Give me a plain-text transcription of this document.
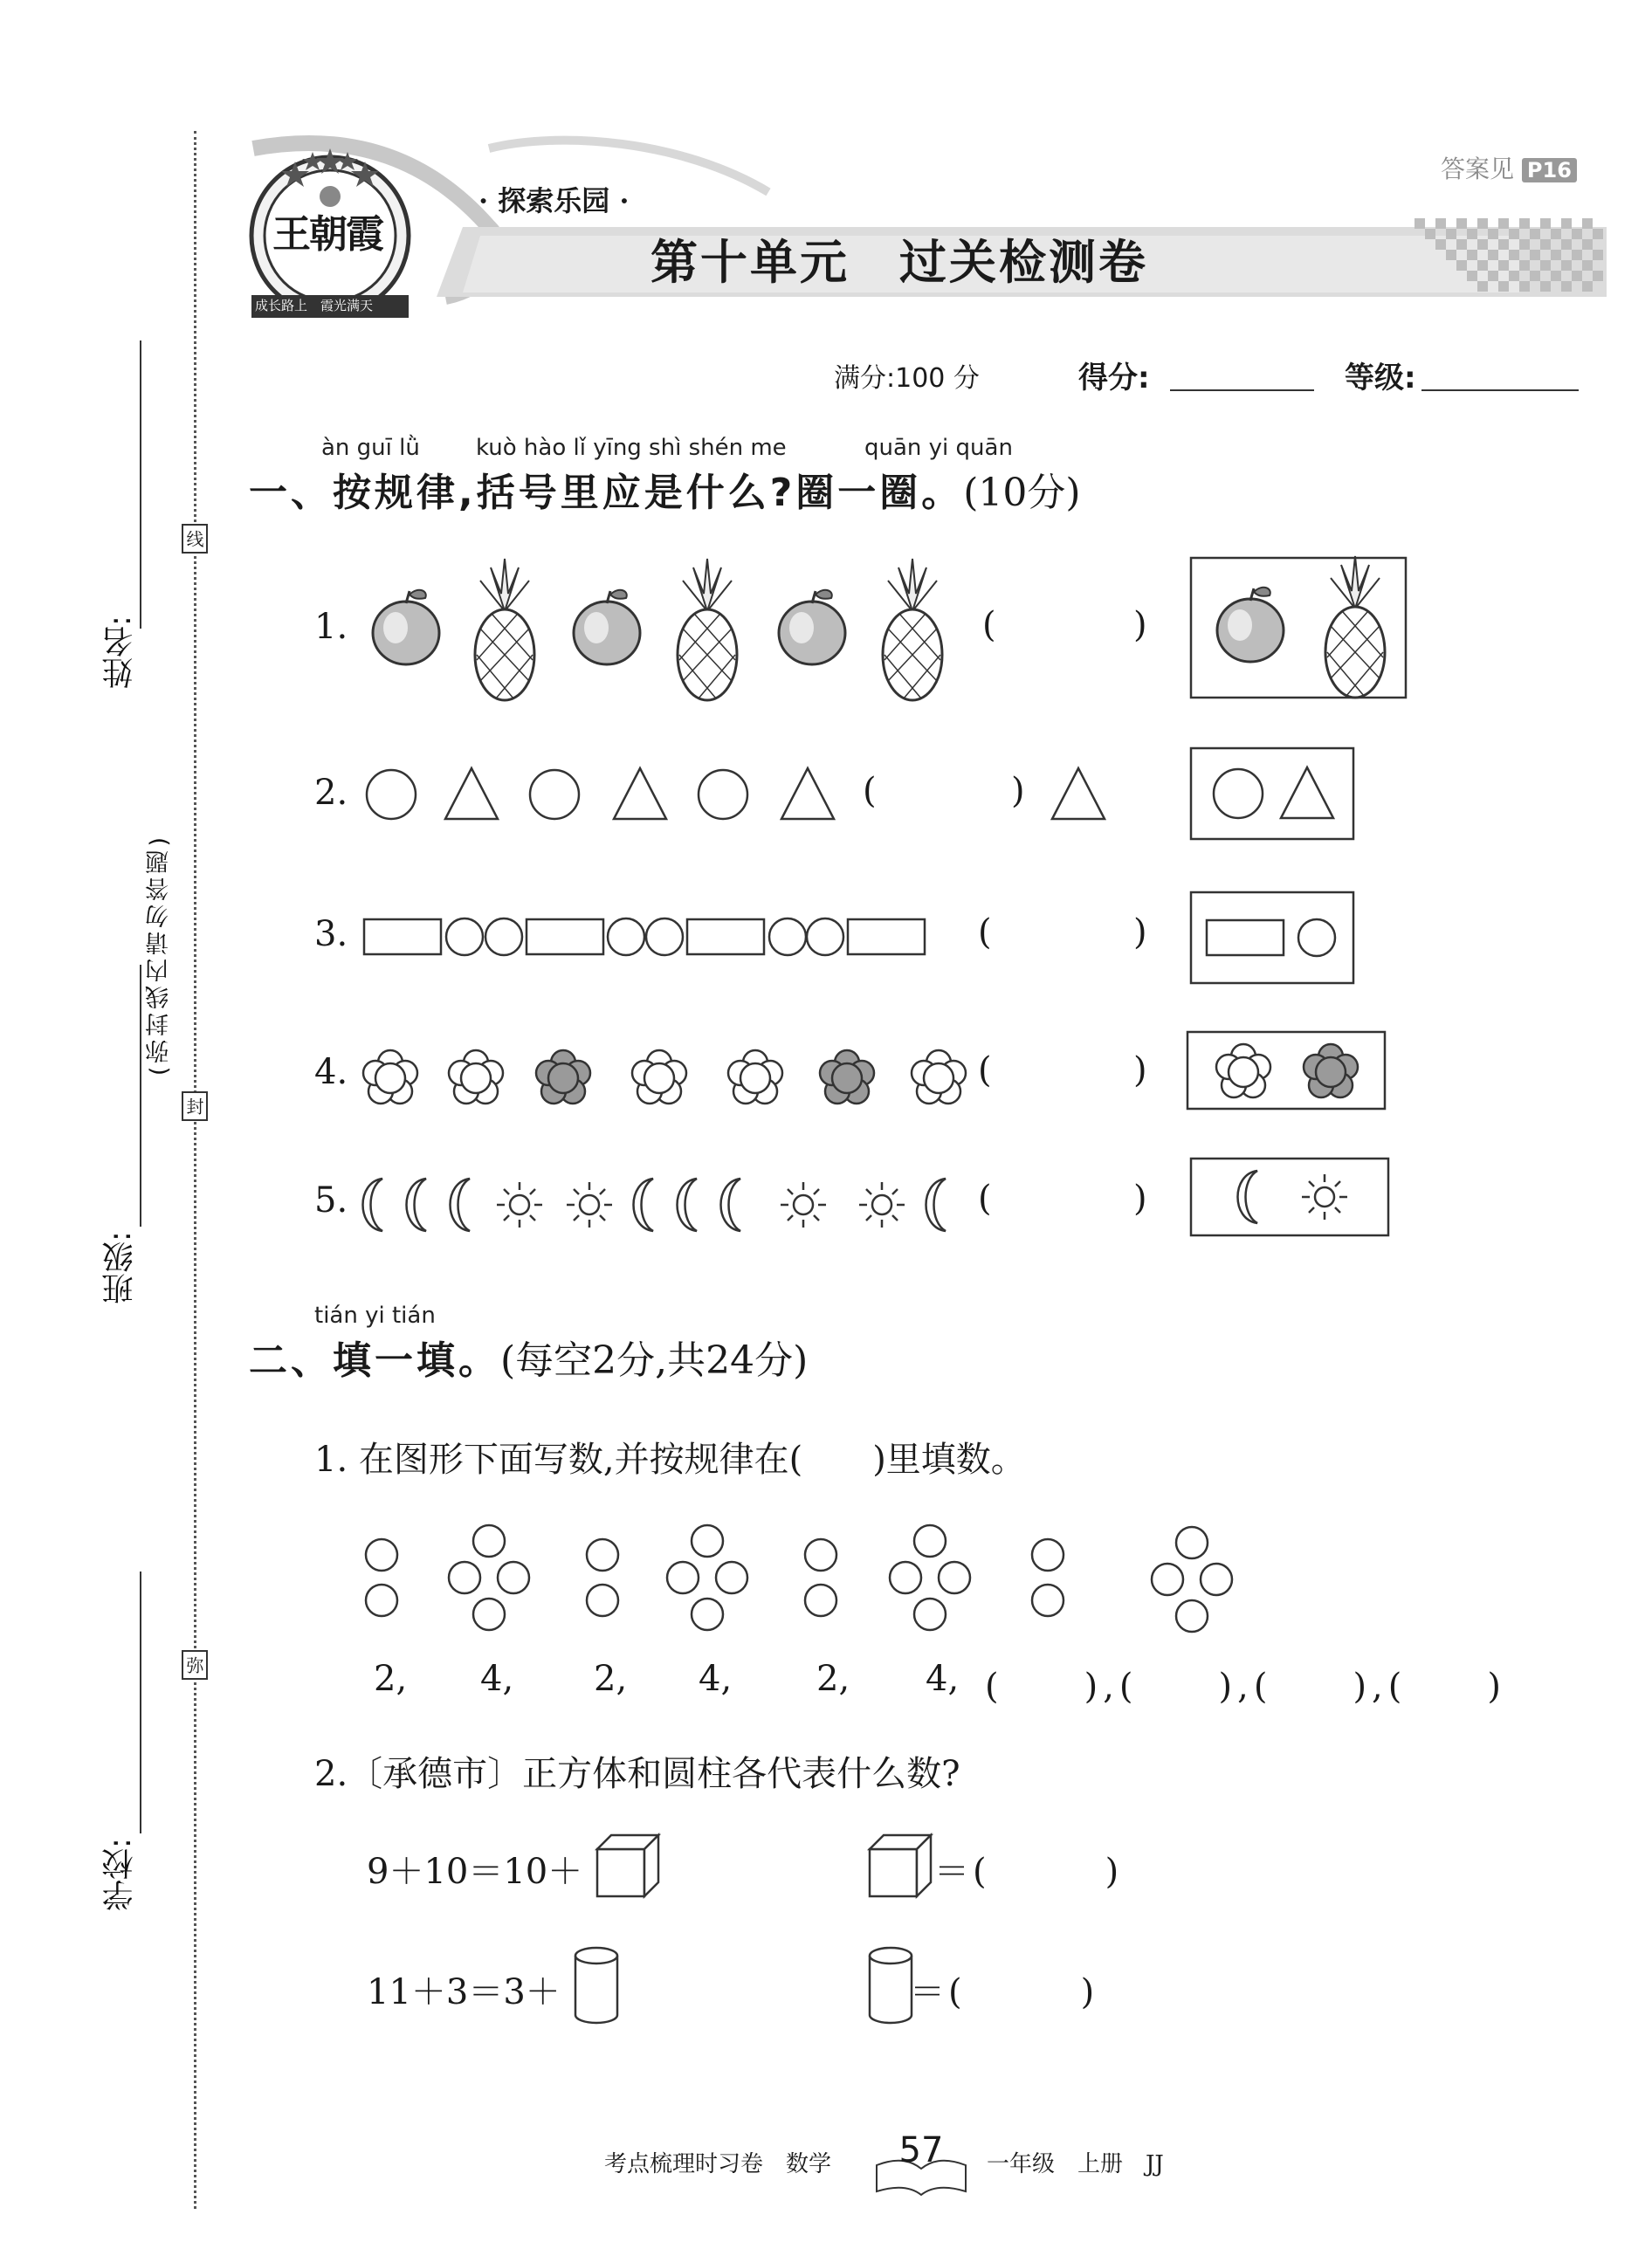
线
封
弥
(弥封线内请勿答题)
姓名:
班级:
学校:
王朝霞
成长路上　霞光满天
答案见 P16
· 探索乐园 ·
第十单元　过关检测卷
满分:100 分	得分:	等级:
àn guī lǜ kuò hào lǐ yīng shì shén me	quān yi quān
一、按规律,括号里应是什么?圈一圈。(10分)
1.	(	)
2.	(	)
3.	(	)
4.	(	)
5.	(	)
tián yi tián
二、填一填。(每空2分,共24分)
1. 在图形下面写数,并按规律在(　　)里填数。
2, 4, 2, 4, 2, 4, (　　),(　　),(　　),(　　)
2.〔承德市〕正方体和圆柱各代表什么数?
9＋10＝10＋	＝(　　　)
11＋3＝3＋	＝(　　　)
考点梳理时习卷　数学 57 一年级　上册　JJ
